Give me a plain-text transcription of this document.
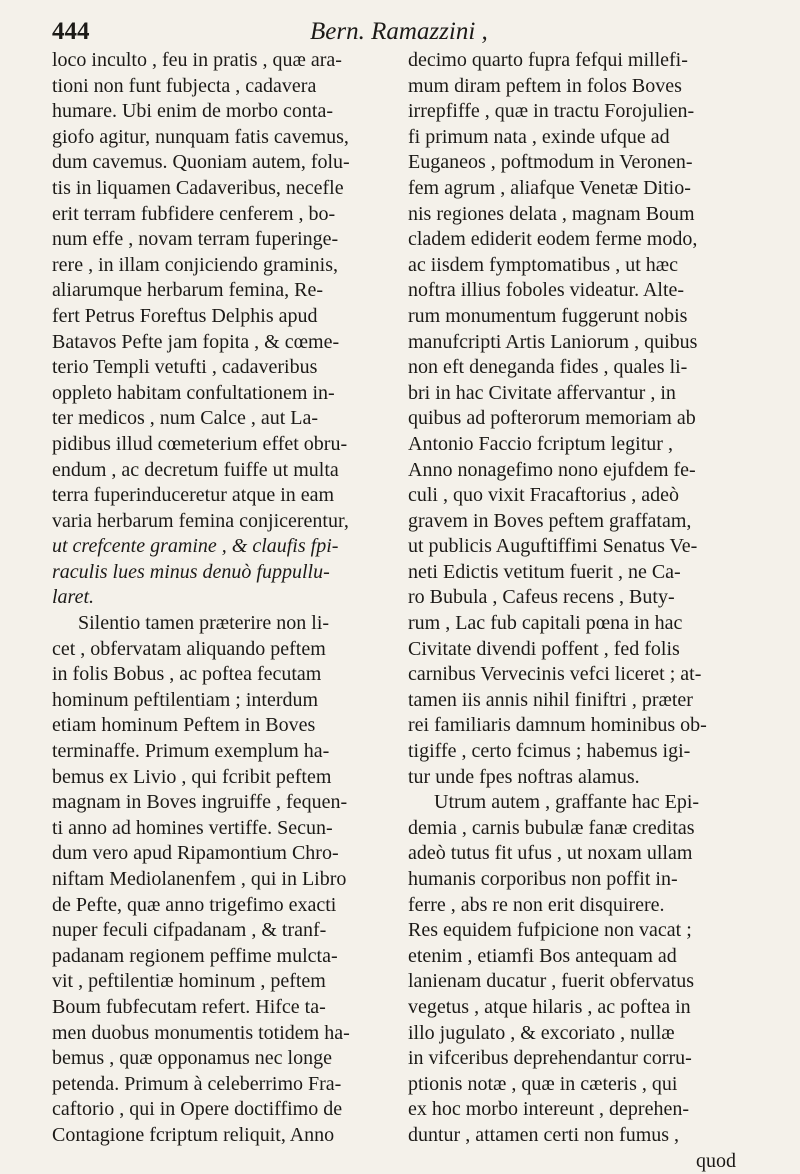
444	Bern. Ramazzini ,
loco inculto , feu in pratis , quæ ara-
tioni non funt fubjecta , cadavera
humare. Ubi enim de morbo conta-
giofo agitur, nunquam fatis cavemus,
dum cavemus. Quoniam autem, folu-
tis in liquamen Cadaveribus, necefle
erit terram fubfidere cenferem , bo-
num effe , novam terram fuperinge-
rere , in illam conjiciendo graminis,
aliarumque herbarum femina, Re-
fert Petrus Foreftus Delphis apud
Batavos Pefte jam fopita , & cœme-
terio Templi vetufti , cadaveribus
oppleto habitam confultationem in-
ter medicos , num Calce , aut La-
pidibus illud cœmeterium effet obru-
endum , ac decretum fuiffe ut multa
terra fuperinduceretur atque in eam
varia herbarum femina conjicerentur,
ut crefcente gramine , & claufis fpi-
raculis lues minus denuò fuppullu-
laret.
Silentio tamen præterire non li-
cet , obfervatam aliquando peftem
in folis Bobus , ac poftea fecutam
hominum peftilentiam ; interdum
etiam hominum Peftem in Boves
terminaffe. Primum exemplum ha-
bemus ex Livio , qui fcribit peftem
magnam in Boves ingruiffe , fequen-
ti anno ad homines vertiffe. Secun-
dum vero apud Ripamontium Chro-
niftam Mediolanenfem , qui in Libro
de Pefte, quæ anno trigefimo exacti
nuper feculi cifpadanam , & tranf-
padanam regionem peffime mulcta-
vit , peftilentiæ hominum , peftem
Boum fubfecutam refert. Hifce ta-
men duobus monumentis totidem ha-
bemus , quæ opponamus nec longe
petenda. Primum à celeberrimo Fra-
caftorio , qui in Opere doctiffimo de
Contagione fcriptum reliquit, Anno
decimo quarto fupra fefqui millefi-
mum diram peftem in folos Boves
irrepfiffe , quæ in tractu Forojulien-
fi primum nata , exinde ufque ad
Euganeos , poftmodum in Veronen-
fem agrum , aliafque Venetæ Ditio-
nis regiones delata , magnam Boum
cladem ediderit eodem ferme modo,
ac iisdem fymptomatibus , ut hæc
noftra illius foboles videatur. Alte-
rum monumentum fuggerunt nobis
manufcripti Artis Laniorum , quibus
non eft deneganda fides , quales li-
bri in hac Civitate affervantur , in
quibus ad pofterorum memoriam ab
Antonio Faccio fcriptum legitur ,
Anno nonagefimo nono ejufdem fe-
culi , quo vixit Fracaftorius , adeò
gravem in Boves peftem graffatam,
ut publicis Auguftiffimi Senatus Ve-
neti Edictis vetitum fuerit , ne Ca-
ro Bubula , Cafeus recens , Buty-
rum , Lac fub capitali pœna in hac
Civitate divendi poffent , fed folis
carnibus Vervecinis vefci liceret ; at-
tamen iis annis nihil finiftri , præter
rei familiaris damnum hominibus ob-
tigiffe , certo fcimus ; habemus igi-
tur unde fpes noftras alamus.
Utrum autem , graffante hac Epi-
demia , carnis bubulæ fanæ creditas
adeò tutus fit ufus , ut noxam ullam
humanis corporibus non poffit in-
ferre , abs re non erit disquirere.
Res equidem fufpicione non vacat ;
etenim , etiamfi Bos antequam ad
lanienam ducatur , fuerit obfervatus
vegetus , atque hilaris , ac poftea in
illo jugulato , & excoriato , nullæ
in vifceribus deprehendantur corru-
ptionis notæ , quæ in cæteris , qui
ex hoc morbo intereunt , deprehen-
duntur , attamen certi non fumus ,
quod
